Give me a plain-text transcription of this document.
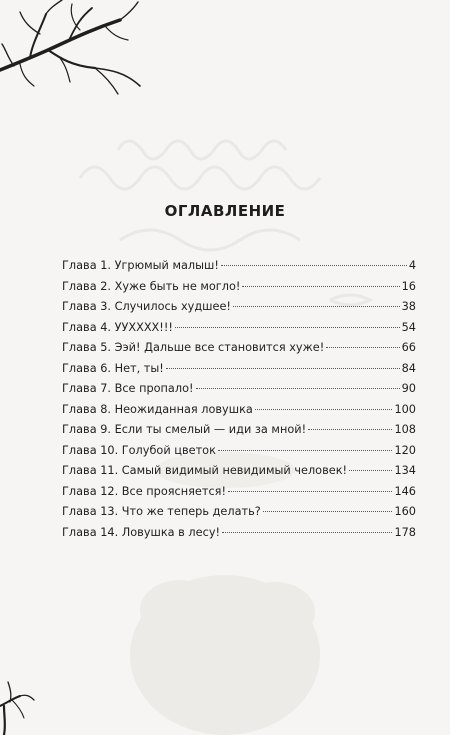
ОГЛАВЛЕНИЕ
Глава 1. Угрюмый малыш!	4
Глава 2. Хуже быть не могло!	16
Глава 3. Случилось худшее!	38
Глава 4. УУХХХХ!!!	54
Глава 5. Ээй! Дальше все становится хуже!	66
Глава 6. Нет, ты!	84
Глава 7. Все пропало!	90
Глава 8. Неожиданная ловушка	100
Глава 9. Если ты смелый — иди за мной!	108
Глава 10. Голубой цветок	120
Глава 11. Самый видимый невидимый человек!	134
Глава 12. Все проясняется!	146
Глава 13. Что же теперь делать?	160
Глава 14. Ловушка в лесу!	178
